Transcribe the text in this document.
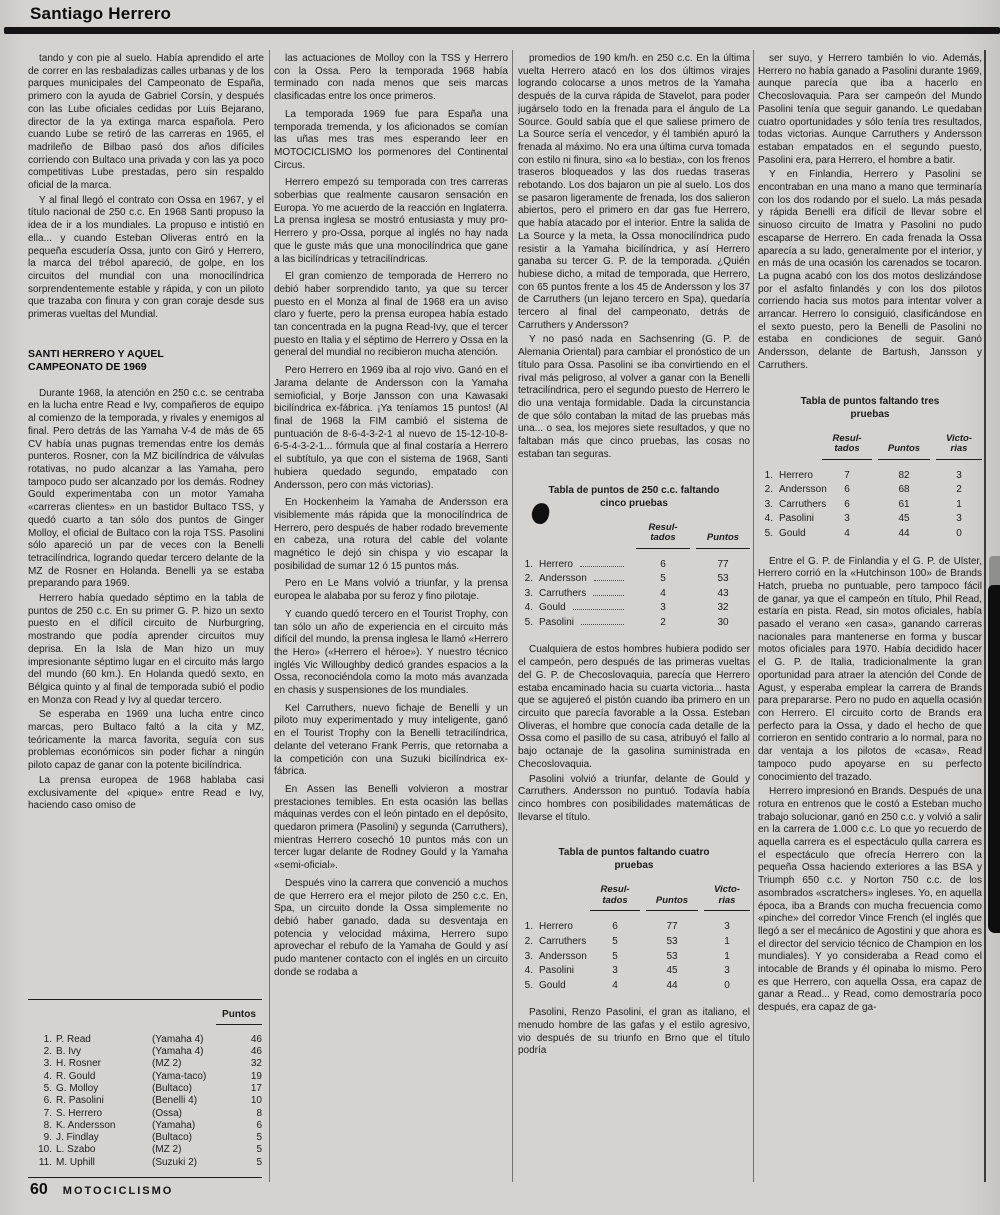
Santiago Herrero

tando y con pie al suelo. Había aprendido el arte de correr en las resbaladizas calles urbanas y de los parques municipales del Campeonato de España, primero con la ayuda de Gabriel Corsín, y después con las Lube oficiales cedidas por Luis Bejarano, director de la ya extinga marca española. Pero cuando Lube se retiró de las carreras en 1965, el madrileño de Bilbao pasó dos años difíciles corriendo con Bultaco una privada y con las ya poco competitivas Lube prestadas, pero sin respaldo oficial de la marca.

Y al final llegó el contrato con Ossa en 1967, y el título nacional de 250 c.c. En 1968 Santi propuso la idea de ir a los mundiales. La propuso e intistió en ella... y cuando Esteban Oliveras entró en la pequeña escudería Ossa, junto con Giró y Herrero, la marca del trébol apareció, de golpe, en los circuitos del mundial con una monocilíndrica sorprendentemente estable y rápida, y con un piloto que trazaba con finura y con gran coraje desde sus primeras vueltas del Mundial.

SANTI HERRERO Y AQUEL
CAMPEONATO DE 1969

Durante 1968, la atención en 250 c.c. se centraba en la lucha entre Read e Ivy, compañeros de equipo al comienzo de la temporada, y rivales y enemigos al final. Pero detrás de las Yamaha V-4 de más de 65 CV había unas pugnas tremendas entre los demás punteros. Rosner, con la MZ bicilíndrica de válvulas rotativas, no pudo alcanzar a las Yamaha, pero tampoco pudo ser alcanzado por los demás. Rodney Gould experimentaba con un motor Yamaha «carreras clientes» en un bastidor Bultaco TSS, y quedó cuarto a tan sólo dos puntos de Ginger Molloy, el oficial de Bultaco con la roja TSS. Pasolini sólo apareció un par de veces con la Benelli tetracilíndrica, logrando quedar tercero delante de la MZ de Rosner en Holanda. Benelli ya se estaba preparando para 1969.

Herrero había quedado séptimo en la tabla de puntos de 250 c.c. En su primer G. P. hizo un sexto puesto en el difícil circuito de Nurburgring, mostrando que podía aprender circuitos muy deprisa. En la Isla de Man hizo un muy impresionante séptimo lugar en el circuito más largo del mundo (60 km.). En Holanda quedó sexto, en Bélgica quinto y al final de temporada subió el podio en Monza con Read y Ivy al quedar tercero.

Se esperaba en 1969 una lucha entre cinco marcas, pero Bultaco faltó a la cita y MZ, teóricamente la marca favorita, seguía con sus problemas económicos sin poder fichar a ningún piloto capaz de ganar con la potente bicilíndrica.

La prensa europea de 1968 hablaba casi exclusivamente del «pique» entre Read e Ivy, haciendo caso omiso de

Puntos
1. P. Read	(Yamaha 4)	46
2. B. Ivy	(Yamaha 4)	46
3. H. Rosner	(MZ 2)	32
4. R. Gould	(Yama-taco)	19
5. G. Molloy	(Bultaco)	17
6. R. Pasolini	(Benelli 4)	10
7. S. Herrero	(Ossa)	8
8. K. Andersson	(Yamaha)	6
9. J. Findlay	(Bultaco)	5
10. L. Szabo	(MZ 2)	5
11. M. Uphill	(Suzuki 2)	5

las actuaciones de Molloy con la TSS y Herrero con la Ossa. Pero la temporada 1968 había terminado con nada menos que seis marcas clasificadas entre los once primeros.

La temporada 1969 fue para España una temporada tremenda, y los aficionados se comían las uñas mes tras mes esperando leer en MOTOCICLISMO los pormenores del Continental Circus.

Herrero empezó su temporada con tres carreras soberbias que realmente causaron sensación en Europa. Yo me acuerdo de la reacción en Inglaterra. La prensa inglesa se mostró entusiasta y muy pro-Herrero y pro-Ossa, porque al inglés no hay nada que le guste más que una monocilíndrica que gane a las bicilíndricas y tetracilíndricas.

El gran comienzo de temporada de Herrero no debió haber sorprendido tanto, ya que su tercer puesto en el Monza al final de 1968 era un aviso claro y fuerte, pero la prensa europea había estado tan concentrada en la pugna Read-Ivy, que el tercer puesto en Italia y el séptimo de Herrero y Ossa en la general del mundial no recibieron mucha atención.

Pero Herrero en 1969 iba al rojo vivo. Ganó en el Jarama delante de Andersson con la Yamaha semioficial, y Borje Jansson con una Kawasaki bicilíndrica ex-fábrica. ¡Ya teníamos 15 puntos! (Al final de 1968 la FIM cambió el sistema de puntuación de 8-6-4-3-2-1 al nuevo de 15-12-10-8-6-5-4-3-2-1... fórmula que al final costaría a Herrero el subtítulo, ya que con el sistema de 1968, Santi hubiera quedado segundo, empatado con Andersson, pero con más victorias).

En Hockenheim la Yamaha de Andersson era visiblemente más rápida que la monocilíndrica de Herrero, pero después de haber rodado brevemente en cabeza, una rotura del cable del volante magnético le dejó sin chispa y vio escapar la posibilidad de sumar 12 ó 15 puntos más.

Pero en Le Mans volvió a triunfar, y la prensa europea le alababa por su feroz y fino pilotaje.

Y cuando quedó tercero en el Tourist Trophy, con tan sólo un año de experiencia en el circuito más difícil del mundo, la prensa inglesa le llamó «Herrero the Hero» («Herrero el héroe»). Y nuestro técnico inglés Vic Willoughby dedicó grandes espacios a la Ossa, reconociéndola como la moto más avanzada en chasis y suspensiones de los mundiales.

Kel Carruthers, nuevo fichaje de Benelli y un piloto muy experimentado y muy inteligente, ganó en el Tourist Trophy con la Benelli tetracilíndrica, delante del veterano Frank Perris, que retornaba a la competición con una Suzuki bicilíndrica ex-fábrica.

En Assen las Benelli volvieron a mostrar prestaciones temibles. En esta ocasión las bellas máquinas verdes con el león pintado en el depósito, quedaron primera (Pasolini) y segunda (Carruthers), mientras Herrero cosechó 10 puntos más con un tercer lugar delante de Rodney Gould y la Yamaha «semi-oficial».

Después vino la carrera que convenció a muchos de que Herrero era el mejor piloto de 250 c.c. En, Spa, un circuito donde la Ossa simplemente no debió haber ganado, dada su desventaja en potencia y velocidad máxima, Herrero supo aprovechar el rebufo de la Yamaha de Gould y así pudo mantener contacto con el inglés en un circuito donde se rodaba a

promedios de 190 km/h. en 250 c.c. En la última vuelta Herrero atacó en los dos últimos virajes logrando colocarse a unos metros de la Yamaha después de la curva rápida de Stavelot, para poder jugárselo todo en la frenada para el ángulo de La Source. Gould sabía que el que saliese primero de La Source sería el vencedor, y él también apuró la frenada al máximo. No era una última curva tomada con estilo ni finura, sino «a lo bestia», con los frenos traseros bloqueados y las dos ruedas traseras rebotando. Los dos bajaron un pie al suelo. Los dos se pasaron ligeramente de frenada, los dos salieron abiertos, pero el primero en dar gas fue Herrero, que había atacado por el interior. Entre la salida de La Source y la meta, la Ossa monocilíndrica pudo resistir a la Yamaha bicilíndrica, y así Herrero ganaba su tercer G. P. de la temporada. ¿Quién hubiese dicho, a mitad de temporada, que Herrero, con 65 puntos frente a los 45 de Andersson y los 37 de Carruthers (un lejano tercero en Spa), quedaría tercero al final del campeonato, detrás de Carruthers y Andersson?

Y no pasó nada en Sachsenring (G. P. de Alemania Oriental) para cambiar el pronóstico de un título para Ossa. Pasolini se iba convirtiendo en el rival más peligroso, al volver a ganar con la Benelli tetracilíndrica, pero el segundo puesto de Herrero le dio una ventaja formidable. Dada la circunstancia de que sólo contaban la mitad de las pruebas más una... o sea, los mejores siete resultados, y que no faltaban más que cinco pruebas, las cosas no estaban tan seguras.

Tabla de puntos de 250 c.c. faltando
cinco pruebas
Resul-
tados	Puntos
1. Herrero	6	77
2. Andersson	5	53
3. Carruthers	4	43
4. Gould	3	32
5. Pasolini	2	30

Cualquiera de estos hombres hubiera podido ser el campeón, pero después de las primeras vueltas del G. P. de Checoslovaquia, parecía que Herrero estaba encaminado hacia su cuarta victoria... hasta que se agujereó el pistón cuando iba primero en un circuito que parecía favorable a la Ossa. Esteban Oliveras, el hombre que conocía cada detalle de la Ossa como el pasillo de su casa, atribuyó el fallo al bajo octanaje de la gasolina suministrada en Checoslovaquia.

Pasolini volvió a triunfar, delante de Gould y Carruthers. Andersson no puntuó. Todavía había cinco hombres con posibilidades matemáticas de llevarse el título.

Tabla de puntos faltando cuatro
pruebas
Resul-
tados	Puntos
Victo-
rias
1. Herrero	6	77	3
2. Carruthers	5	53	1
3. Andersson	5	53	1
4. Pasolini	3	45	3
5. Gould	4	44	0

Pasolini, Renzo Pasolini, el gran as italiano, el menudo hombre de las gafas y el estilo agresivo, vio después de su triunfo en Brno que el título podría

ser suyo, y Herrero también lo vio. Además, Herrero no había ganado a Pasolini durante 1969, aunque parecía que iba a hacerlo en Checoslovaquia. Para ser campeón del Mundo Pasolini tenía que seguir ganando. Le quedaban cuatro oportunidades y sólo tenía tres resultados, todas victorias. Aunque Carruthers y Andersson estaban empatados en el segundo puesto, Pasolini era, para Herrero, el hombre a batir.

Y en Finlandia, Herrero y Pasolini se encontraban en una mano a mano que terminaría con los dos rodando por el suelo. La más pesada y rápida Benelli era difícil de llevar sobre el sinuoso circuito de Imatra y Pasolini no pudo escaparse de Herrero. En cada frenada la Ossa aparecía a su lado, generalmente por el interior, y en más de una ocasión los carenados se tocaron. La pugna acabó con los dos motos deslizándose por el asfalto finlandés y con los dos pilotos corriendo hacia sus motos para intentar volver a arrancar. Herrero lo consiguió, clasificándose en el sexto puesto, pero la Benelli de Pasolini no estaba en condiciones de seguir. Ganó Andersson, delante de Bartush, Jansson y Carruthers.

Tabla de puntos faltando tres
pruebas
Resul-
tados	Puntos
Victo-
rias
1. Herrero	7	82	3
2. Andersson	6	68	2
3. Carruthers	6	61	1
4. Pasolini	3	45	3
5. Gould	4	44	0

Entre el G. P. de Finlandia y el G. P. de Ulster, Herrero corrió en la «Hutchinson 100» de Brands Hatch, prueba no puntuable, pero tampoco fácil de ganar, ya que el campeón en título, Phil Read, estaría en pista. Read, sin motos oficiales, había pasado el verano «en casa», ganando carreras nacionales para mantenerse en forma y buscar motos oficiales para 1970. Había decidido hacer el G. P. de Italia, tradicionalmente la gran oportunidad para atraer la atención del Conde de Agust, y esperaba emplear la carrera de Brands para prepararse. Pero no pudo en aquella ocasión con Herrero. El circuito corto de Brands era perfecto para la Ossa, y dado el hecho de que corrieron en sentido contrario a lo normal, para no dar ventaja a los pilotos de «casa», Read tampoco pudo apoyarse en su perfecto conocimiento del trazado.

Herrero impresionó en Brands. Después de una rotura en entrenos que le costó a Esteban mucho trabajo solucionar, ganó en 250 c.c. y volvió a salir en la carrera de 1.000 c.c. Lo que yo recuerdo de aquella carrera es el espectáculo qulla carrera es el espectáculo que ofrecía Herrero con la pequeña Ossa haciendo exteriores a las BSA y Triumph 650 c.c. y Norton 750 c.c. de los asombrados «scratchers» ingleses. Yo, en aquella época, iba a Brands con mucha frecuencia como «pinche» del corredor Vince French (el inglés que llegó a ser el mecánico de Agostini y que ahora es el director del servicio técnico de Champion en los mundiales). Y yo consideraba a Read como el intocable de Brands y él opinaba lo mismo. Pero es que Herrero, con aquella Ossa, era capaz de ganar a Read... y Read, como demostraría poco después, era capaz de ga-

60 MOTOCICLISMO
